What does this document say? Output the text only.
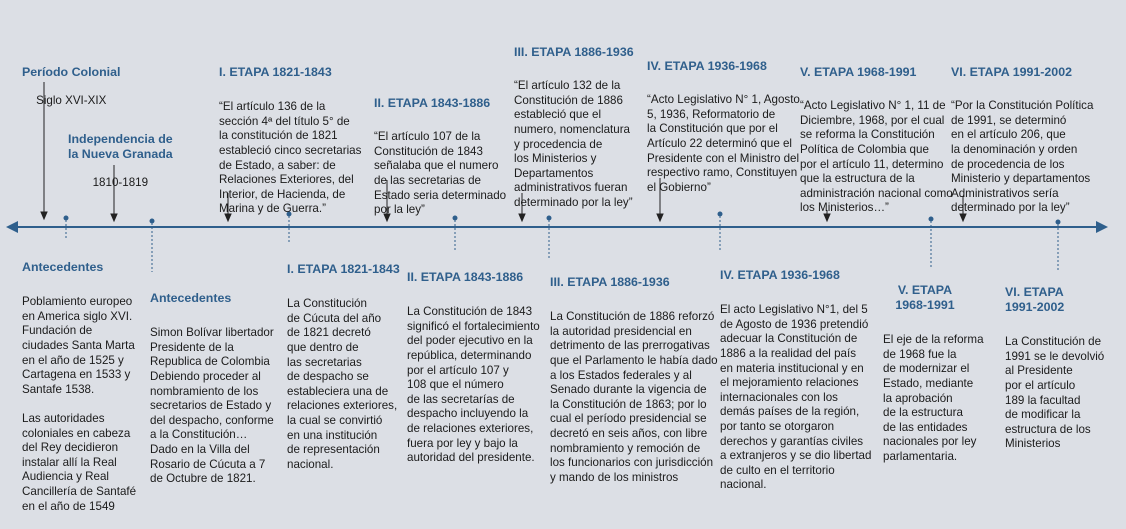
Período Colonial

Siglo XVI-XIX

Independencia de
la Nueva Granada

1810-1819

I. ETAPA 1821-1843

“El artículo 136 de la
sección 4ª del título 5° de
la constitución de 1821
estableció cinco secretarias
de Estado, a saber: de
Relaciones Exteriores, del
Interior, de Hacienda, de
Marina y de Guerra.”

II. ETAPA 1843-1886

“El artículo 107 de la
Constitución de 1843
señalaba que el numero
de las secretarias de
Estado seria determinado
por la ley”

III. ETAPA 1886-1936

“El artículo 132 de la
Constitución de 1886
estableció que el
numero, nomenclatura
y procedencia de
los Ministerios y
Departamentos
administrativos fueran
determinado por la ley”

IV. ETAPA 1936-1968

“Acto Legislativo N° 1, Agosto
5, 1936, Reformatorio de
la Constitución que por el
Artículo 22 determinó que el
Presidente con el Ministro del
respectivo ramo, Constituyen
el Gobierno”

V. ETAPA 1968-1991

“Acto Legislativo N° 1, 11 de
Diciembre, 1968, por el cual
se reforma la Constitución
Política de Colombia que
por el artículo 11, determino
que la estructura de la
administración nacional como
los Ministerios…”

VI. ETAPA 1991-2002

“Por la Constitución Política
de 1991, se determinó
en el artículo 206, que
la denominación y orden
de procedencia de los
Ministerio y departamentos
Administrativos sería
determinado por la ley”

Antecedentes

Poblamiento europeo
en America siglo XVI.
Fundación de
ciudades Santa Marta
en el año de 1525 y
Cartagena en 1533 y
Santafe 1538.

Las autoridades
coloniales en cabeza
del Rey decidieron
instalar allí la Real
Audiencia y Real
Cancillería de Santafé
en el año de 1549

Antecedentes

Simon Bolívar libertador
Presidente de la
Republica de Colombia
Debiendo proceder al
nombramiento de los
secretarios de Estado y
del despacho, conforme
a la Constitución…
Dado en la Villa del
Rosario de Cúcuta a 7
de Octubre de 1821.

I. ETAPA 1821-1843

La Constitución
de Cúcuta del año
de 1821 decretó
que dentro de
las secretarias
de despacho se
estableciera una de
relaciones exteriores,
la cual se convirtió
en una institución
de representación
nacional.

II. ETAPA 1843-1886

La Constitución de 1843
significó el fortalecimiento
del poder ejecutivo en la
república, determinando
por el artículo 107 y
108 que el número
de las secretarías de
despacho incluyendo la
de relaciones exteriores,
fuera por ley y bajo la
autoridad del presidente.

III. ETAPA 1886-1936

La Constitución de 1886 reforzó
la autoridad presidencial en
detrimento de las prerrogativas
que el Parlamento le había dado
a los Estados federales y al
Senado durante la vigencia de
la Constitución de 1863; por lo
cual el período presidencial se
decretó en seis años, con libre
nombramiento y remoción de
los funcionarios con jurisdicción
y mando de los ministros

IV. ETAPA 1936-1968

El acto Legislativo N°1, del 5
de Agosto de 1936 pretendió
adecuar la Constitución de
1886 a la realidad del país
en materia institucional y en
el mejoramiento relaciones
internacionales con los
demás países de la región,
por tanto se otorgaron
derechos y garantías civiles
a extranjeros y se dio libertad
de culto en el territorio
nacional.

V. ETAPA
1968-1991

El eje de la reforma
de 1968 fue la
de modernizar el
Estado, mediante
la aprobación
de la estructura
de las entidades
nacionales por ley
parlamentaria.

VI. ETAPA
1991-2002

La Constitución de
1991 se le devolvió
al Presidente
por el artículo
189 la facultad
de modificar la
estructura de los
Ministerios
